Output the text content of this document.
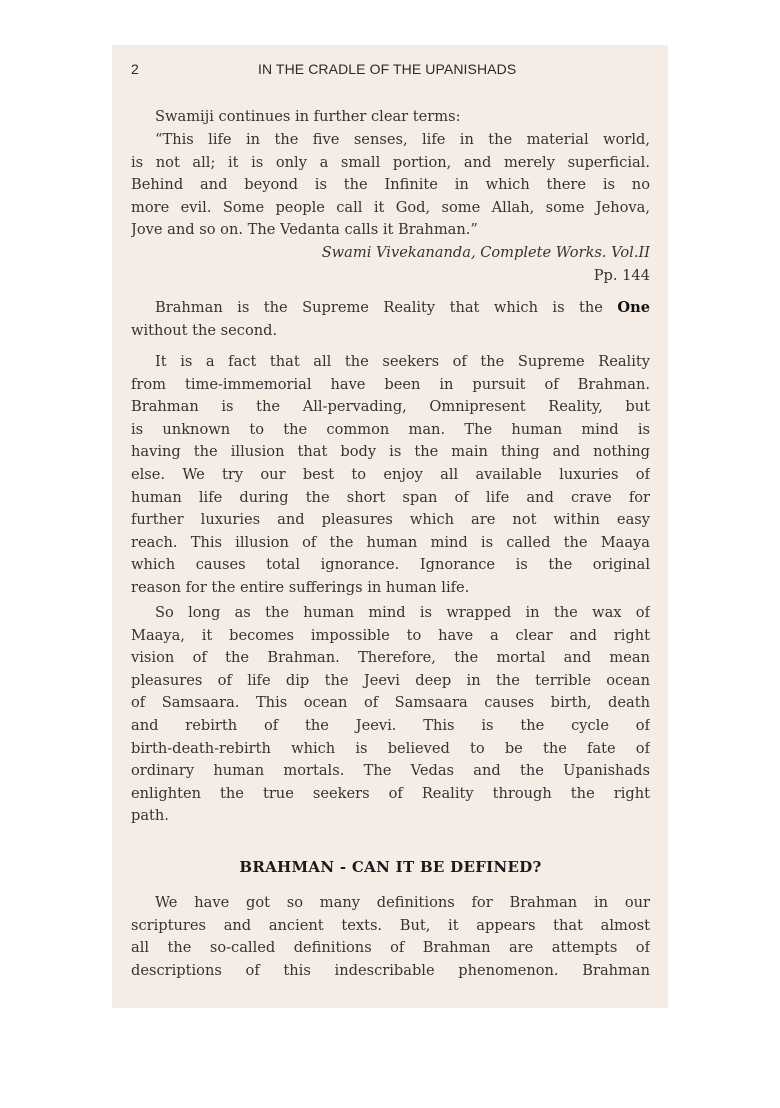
2	IN THE CRADLE OF THE UPANISHADS
Swamiji continues in further clear terms:
“This life in the five senses, life in the material world,
is not all; it is only a small portion, and merely superficial.
Behind and beyond is the Infinite in which there is no
more evil. Some people call it God, some Allah, some Jehova,
Jove and so on. The Vedanta calls it Brahman.”
Swami Vivekananda, Complete Works. Vol.II
Pp. 144
Brahman is the Supreme Reality that which is the One
without the second.
It is a fact that all the seekers of the Supreme Reality
from time-immemorial have been in pursuit of Brahman.
Brahman is the All-pervading, Omnipresent Reality, but
is unknown to the common man. The human mind is
having the illusion that body is the main thing and nothing
else. We try our best to enjoy all available luxuries of
human life during the short span of life and crave for
further luxuries and pleasures which are not within easy
reach. This illusion of the human mind is called the Maaya
which causes total ignorance. Ignorance is the original
reason for the entire sufferings in human life.
So long as the human mind is wrapped in the wax of
Maaya, it becomes impossible to have a clear and right
vision of the Brahman. Therefore, the mortal and mean
pleasures of life dip the Jeevi deep in the terrible ocean
of Samsaara. This ocean of Samsaara causes birth, death
and rebirth of the Jeevi. This is the cycle of
birth-death-rebirth which is believed to be the fate of
ordinary human mortals. The Vedas and the Upanishads
enlighten the true seekers of Reality through the right
path.
BRAHMAN - CAN IT BE DEFINED?
We have got so many definitions for Brahman in our
scriptures and ancient texts. But, it appears that almost
all the so-called definitions of Brahman are attempts of
descriptions of this indescribable phenomenon. Brahman
